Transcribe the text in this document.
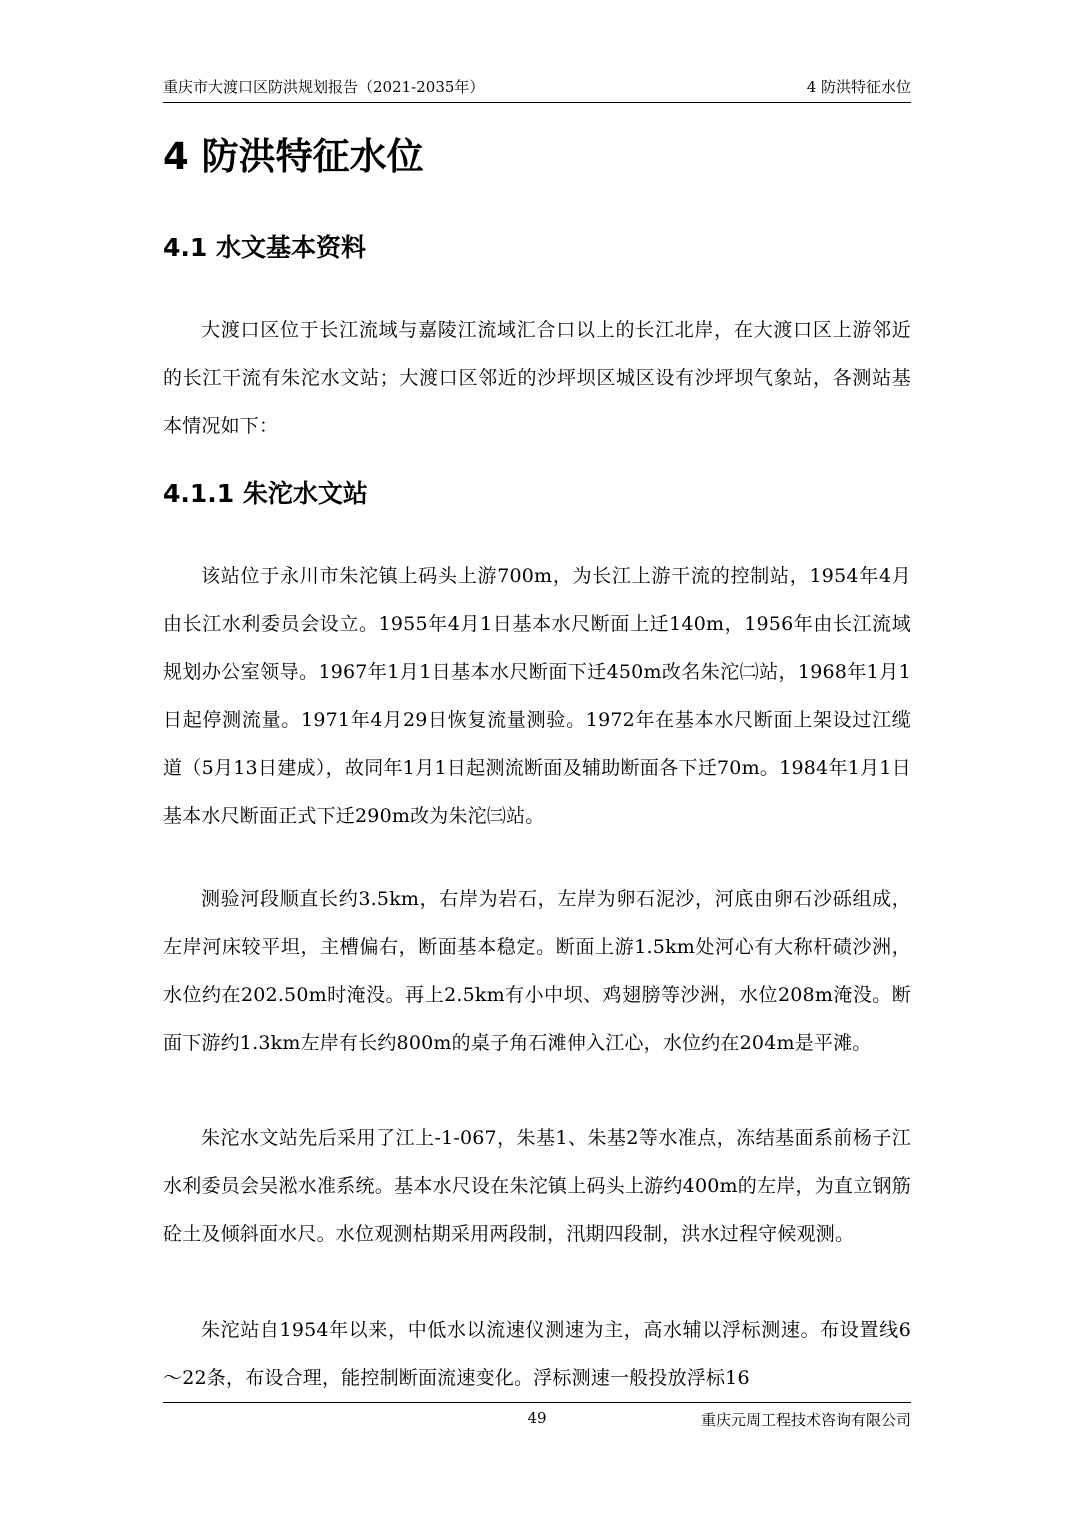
重庆市大渡口区防洪规划报告（2021-2035年）	4 防洪特征水位
4 防洪特征水位
4.1 水文基本资料

大渡口区位于长江流域与嘉陵江流域汇合口以上的长江北岸，在大渡口区上游邻近的长江干流有朱沱水文站；大渡口区邻近的沙坪坝区城区设有沙坪坝气象站，各测站基本情况如下：

4.1.1 朱沱水文站

该站位于永川市朱沱镇上码头上游700m，为长江上游干流的控制站，1954年4月由长江水利委员会设立。1955年4月1日基本水尺断面上迁140m，1956年由长江流域规划办公室领导。1967年1月1日基本水尺断面下迁450m改名朱沱㈡站，1968年1月1日起停测流量。1971年4月29日恢复流量测验。1972年在基本水尺断面上架设过江缆道（5月13日建成），故同年1月1日起测流断面及辅助断面各下迁70m。1984年1月1日基本水尺断面正式下迁290m改为朱沱㈢站。

测验河段顺直长约3.5km，右岸为岩石，左岸为卵石泥沙，河底由卵石沙砾组成，左岸河床较平坦，主槽偏右，断面基本稳定。断面上游1.5km处河心有大称杆碛沙洲，水位约在202.50m时淹没。再上2.5km有小中坝、鸡翅膀等沙洲，水位208m淹没。断面下游约1.3km左岸有长约800m的桌子角石滩伸入江心，水位约在204m是平滩。

朱沱水文站先后采用了江上-1-067，朱基1、朱基2等水准点，冻结基面系前杨子江水利委员会吴淞水准系统。基本水尺设在朱沱镇上码头上游约400m的左岸，为直立钢筋砼土及倾斜面水尺。水位观测枯期采用两段制，汛期四段制，洪水过程守候观测。

朱沱站自1954年以来，中低水以流速仪测速为主，高水辅以浮标测速。布设置线6～22条，布设合理，能控制断面流速变化。浮标测速一般投放浮标16

49	重庆元周工程技术咨询有限公司
